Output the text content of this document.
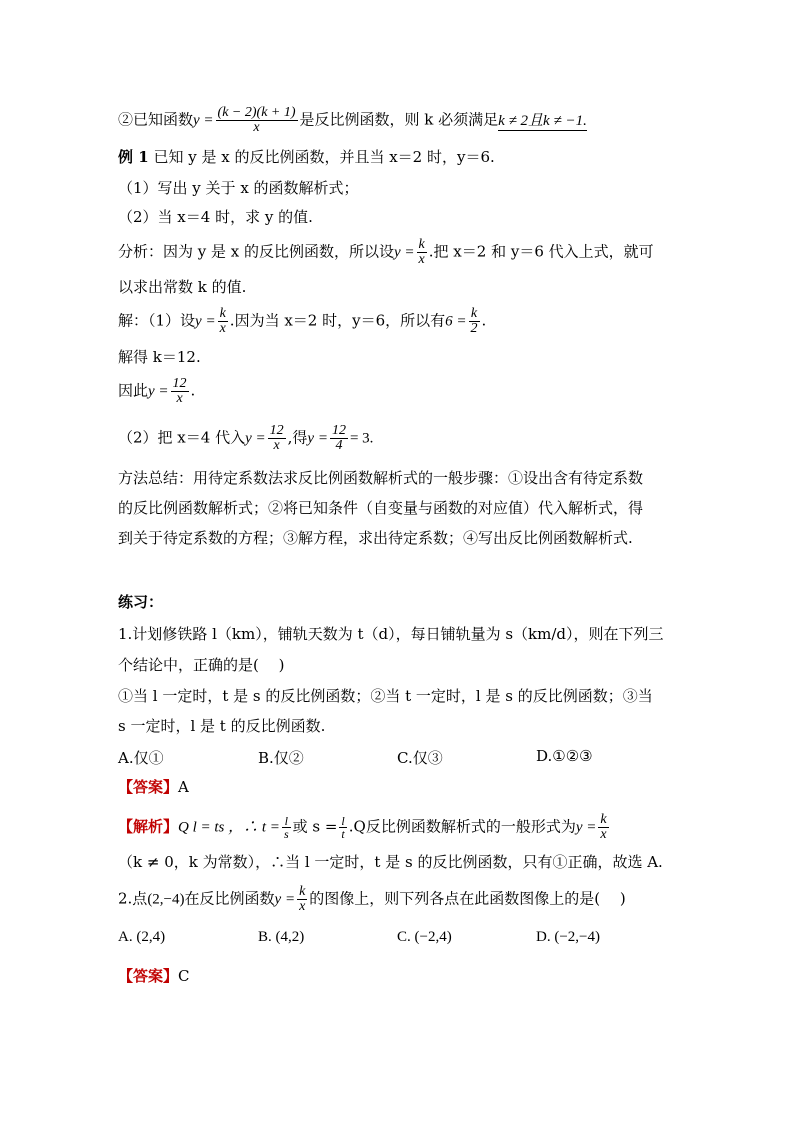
②已知函数$y = \frac{(k - 2)(k + 1)}{x}$ 是反比例函数，则 k 必须满足k ≠ 2且k ≠ −1.
例 1 已知 y 是 x 的反比例函数，并且当 x＝2 时，y＝6.
（1）写出 y 关于 x 的函数解析式；
（2）当 x＝4 时，求 y 的值.
分析：因为 y 是 x 的反比例函数，所以设$y = \frac{k}{x}$ .把 x＝2 和 y＝6 代入上式，就可
以求出常数 k 的值.
解：（1）设$y = \frac{k}{x}$ .因为当 x＝2 时，y＝6，所以有$6 = \frac{k}{2}$ .
解得 k＝12.
因此$y = \frac{12}{x}$ .
（2）把 x＝4 代入$y = \frac{12}{x}$ ,得$y = \frac{12}{4} = 3$.
方法总结：用待定系数法求反比例函数解析式的一般步骤：①设出含有待定系数
的反比例函数解析式；②将已知条件（自变量与函数的对应值）代入解析式，得
到关于待定系数的方程；③解方程，求出待定系数；④写出反比例函数解析式.
练习：
1.计划修铁路 l（km），铺轨天数为 t（d），每日铺轨量为 s（km/d），则在下列三
个结论中，正确的是(　 )
①当 l 一定时，t 是 s 的反比例函数；②当 t 一定时，l 是 s 的反比例函数；③当
s 一定时，l 是 t 的反比例函数.
A.仅①	B.仅②	C.仅③	D.①②③
【答案】A
【解析】Q l = ts ，∴ $t = \frac{l}{s}$ 或 $s = \frac{l}{t} .Q$反比例函数解析式的一般形式为$y = \frac{k}{x}$
（k ≠ 0，k 为常数），∴当 l 一定时，t 是 s 的反比例函数，只有①正确，故选 A.
2.点(2,−4)在反比例函数$y = \frac{k}{x}$ 的图像上，则下列各点在此函数图像上的是(　 )
A. (2,4)	B. (4,2)	C. (−2,4)	D. (−2,−4)
【答案】C
